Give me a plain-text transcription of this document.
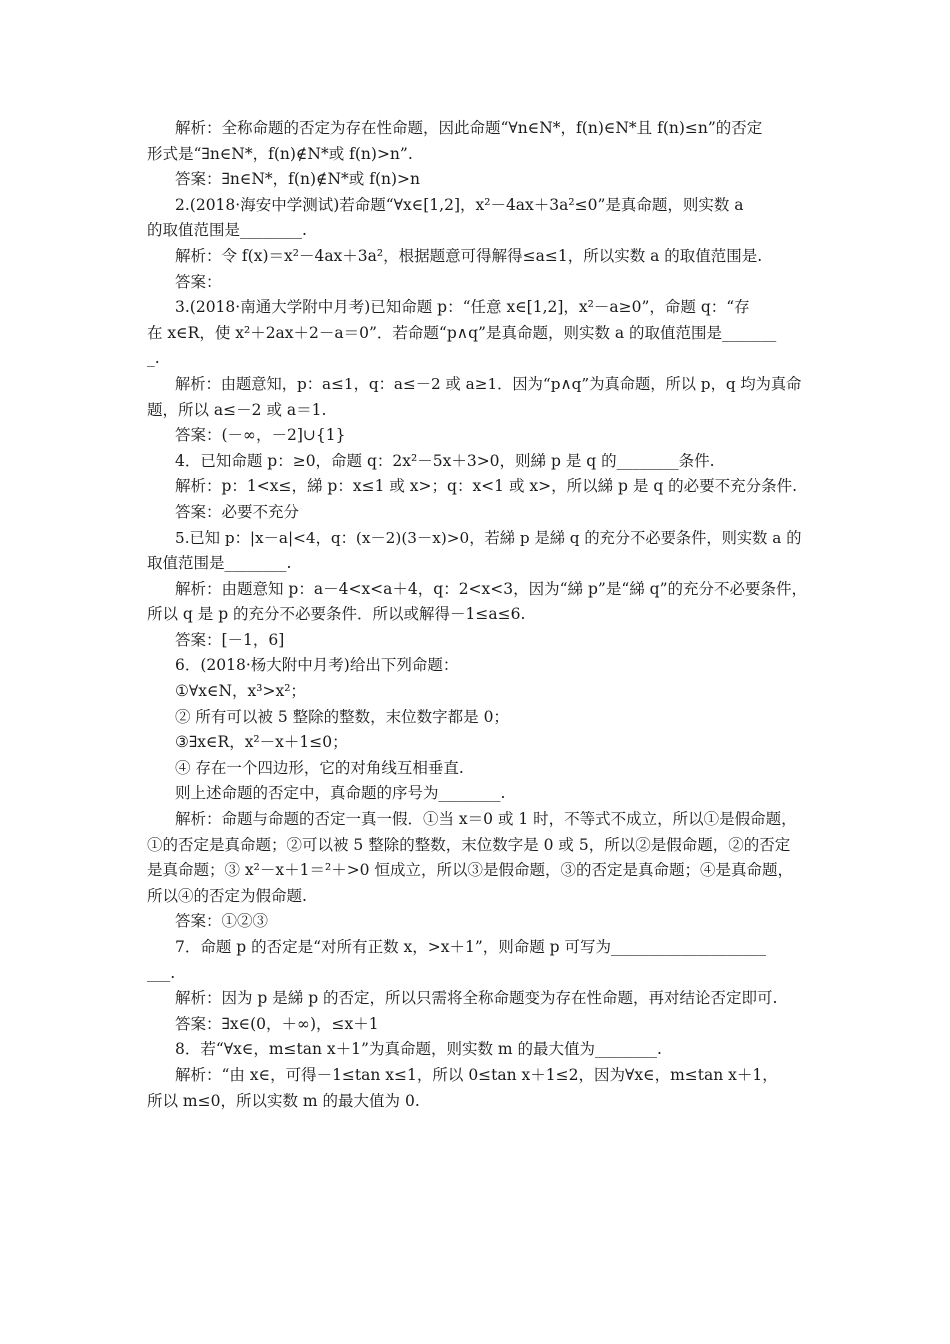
解析：全称命题的否定为存在性命题，因此命题“∀n∈N*，f(n)∈N*且 f(n)≤n”的否定
形式是“∃n∈N*，f(n)∉N*或 f(n)>n”.
答案：∃n∈N*，f(n)∉N*或 f(n)>n
2.(2018·海安中学测试)若命题“∀x∈[1,2]，x²－4ax＋3a²≤0”是真命题，则实数 a
的取值范围是________.
解析：令 f(x)＝x²－4ax＋3a²，根据题意可得解得≤a≤1，所以实数 a 的取值范围是.
答案：
3.(2018·南通大学附中月考)已知命题 p：“任意 x∈[1,2]，x²－a≥0”，命题 q：“存
在 x∈R，使 x²＋2ax＋2－a＝0”．若命题“p∧q”是真命题，则实数 a 的取值范围是_______
_.
解析：由题意知，p：a≤1，q：a≤－2 或 a≥1．因为“p∧q”为真命题，所以 p，q 均为真命
题，所以 a≤－2 或 a＝1.
答案：(－∞，－2]∪{1}
4．已知命题 p：≥0，命题 q：2x²－5x＋3>0，则綈 p 是 q 的________条件.
解析：p：1<x≤，綈 p：x≤1 或 x>；q：x<1 或 x>，所以綈 p 是 q 的必要不充分条件.
答案：必要不充分
5.已知 p：|x－a|<4，q：(x－2)(3－x)>0，若綈 p 是綈 q 的充分不必要条件，则实数 a 的
取值范围是________.
解析：由题意知 p：a－4<x<a＋4，q：2<x<3，因为“綈 p”是“綈 q”的充分不必要条件，
所以 q 是 p 的充分不必要条件．所以或解得－1≤a≤6.
答案：[－1，6]
6．(2018·杨大附中月考)给出下列命题：
①∀x∈N，x³>x²；
② 所有可以被 5 整除的整数，末位数字都是 0；
③∃x∈R，x²－x＋1≤0；
④ 存在一个四边形，它的对角线互相垂直.
则上述命题的否定中，真命题的序号为________.
解析：命题与命题的否定一真一假．①当 x＝0 或 1 时，不等式不成立，所以①是假命题，
①的否定是真命题；②可以被 5 整除的整数，末位数字是 0 或 5，所以②是假命题，②的否定
是真命题；③ x²－x＋1＝²＋>0 恒成立，所以③是假命题，③的否定是真命题；④是真命题，
所以④的否定为假命题.
答案：①②③
7．命题 p 的否定是“对所有正数 x，>x＋1”，则命题 p 可写为____________________
___.
解析：因为 p 是綈 p 的否定，所以只需将全称命题变为存在性命题，再对结论否定即可.
答案：∃x∈(0，＋∞)，≤x＋1
8．若“∀x∈，m≤tan x＋1”为真命题，则实数 m 的最大值为________.
解析：“由 x∈，可得－1≤tan x≤1，所以 0≤tan x＋1≤2，因为∀x∈，m≤tan x＋1，
所以 m≤0，所以实数 m 的最大值为 0.
